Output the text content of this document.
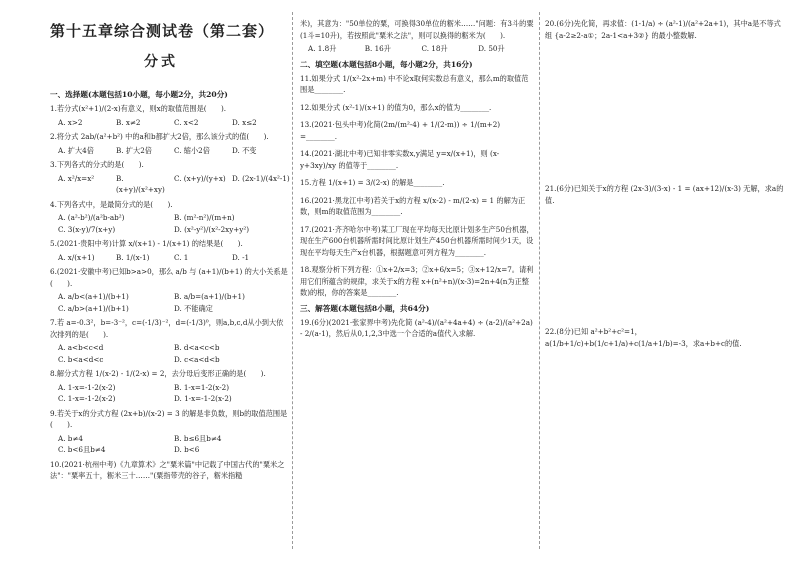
第十五章综合测试卷（第二套）
分式
一、选择题(本题包括10小题，每小题2分，共20分)
1.若分式(x²+1)/(2-x)有意义，则x的取值范围是(　　).
A. x>2	B. x≠2	C. x<2	D. x≤2
2.将分式 2ab/(a²+b²) 中的a和b都扩大2倍，那么该分式的值(　　).
A. 扩大4倍	B. 扩大2倍	C. 缩小2倍	D. 不变
3.下列各式的分式的是(　　).
A. x²/x=x²	B. (x+y)/(x²+xy)
C. (x+y)/(y+x) D. (2x-1)/(4x²-1)
4.下列各式中，是最简分式的是(　　).
A. (a²-b²)/(a²b-ab²)	B. (m²-n²)/(m+n)
C. 3(x-y)/7(x+y)	D. (x²-y²)/(x²-2xy+y²)
5.(2021·贵阳中考)计算 x/(x+1) - 1/(x+1) 的结果是(　　).
A. x/(x+1)	B. 1/(x-1)	C. 1	D. -1
6.(2021·安徽中考)已知b>a>0，那么 a/b 与 (a+1)/(b+1) 的大小关系是(　　).
A. a/b<(a+1)/(b+1)	B. a/b=(a+1)/(b+1)
C. a/b>(a+1)/(b+1)	D. 不能确定
7.若 a=-0.3²，b=-3⁻²，c=(-1/3)⁻²，d=(-1/3)⁰，则a,b,c,d从小到大依次排列的是(　　).
A. a<b<c<d	B. d<a<c<b
C. b<a<d<c	D. c<a<d<b
8.解分式方程 1/(x-2) - 1/(2-x) = 2，去分母后变形正确的是(　　).
A. 1-x=-1-2(x-2)	B. 1-x=1-2(x-2)
C. 1-x=-1-2(x-2)	D. 1-x=-1-2(x-2)
9.若关于x的分式方程 (2x+b)/(x-2) = 3 的解是非负数，则b的取值范围是(　　).
A. b≠4	B. b≤6且b≠4
C. b<6且b≠4	D. b<6
10.(2021·杭州中考)《九章算术》之"粟米篇"中记载了中国古代的"粟米之法"："粟率五十，粝米三十……"(粟指带壳的谷子，粝米指糙
米)，其意为："50单位的粟，可换得30单位的粝米……"问题：有3斗的粟(1斗=10升)，若按照此"粟米之法"，则可以换得的粝米为(　　).
A. 1.8升	B. 16升	C. 18升	D. 50升
二、填空题(本题包括8小题，每小题2分，共16分)
11.如果分式 1/(x²-2x+m) 中不论x取何实数总有意义，那么m的取值范围是________.
12.如果分式 (x²-1)/(x+1) 的值为0，那么x的值为________.
13.(2021·包头中考)化简(2m/(m²-4) + 1/(2-m)) ÷ 1/(m+2) =________.
14.(2021·湖北中考)已知非零实数x,y满足 y=x/(x+1)，则 (x-y+3xy)/xy 的值等于________.
15.方程 1/(x+1) = 3/(2-x) 的解是________.
16.(2021·黑龙江中考)若关于x的方程 x/(x-2) - m/(2-x) = 1 的解为正数，则m的取值范围为________.
17.(2021·齐齐哈尔中考)某工厂现在平均每天比原计划多生产50台机器，现在生产600台机器所需时间比原计划生产450台机器所需时间少1天，设现在平均每天生产x台机器，根据题意可列方程为________.
18.观察分析下列方程：①x+2/x=3；②x+6/x=5；③x+12/x=7。请利用它们所蕴含的规律，求关于x的方程 x+(n²+n)/(x-3)=2n+4(n为正整数)的根，你的答案是________.
三、解答题(本题包括8小题，共64分)
19.(6分)(2021·张家界中考)先化简 (a²-4)/(a²+4a+4) ÷ (a-2)/(a²+2a) - 2/(a-1)，然后从0,1,2,3中选一个合适的a值代入求解.
20.(6分)先化简，再求值：(1-1/a) ÷ (a²-1)/(a²+2a+1)，其中a是不等式组 {a-2≥2-a①；2a-1<a+3②} 的最小整数解.
21.(6分)已知关于x的方程 (2x-3)/(3-x) - 1 = (ax+12)/(x-3) 无解，求a的值.
22.(8分)已知 a²+b²+c²=1，a(1/b+1/c)+b(1/c+1/a)+c(1/a+1/b)=-3，求a+b+c的值.
